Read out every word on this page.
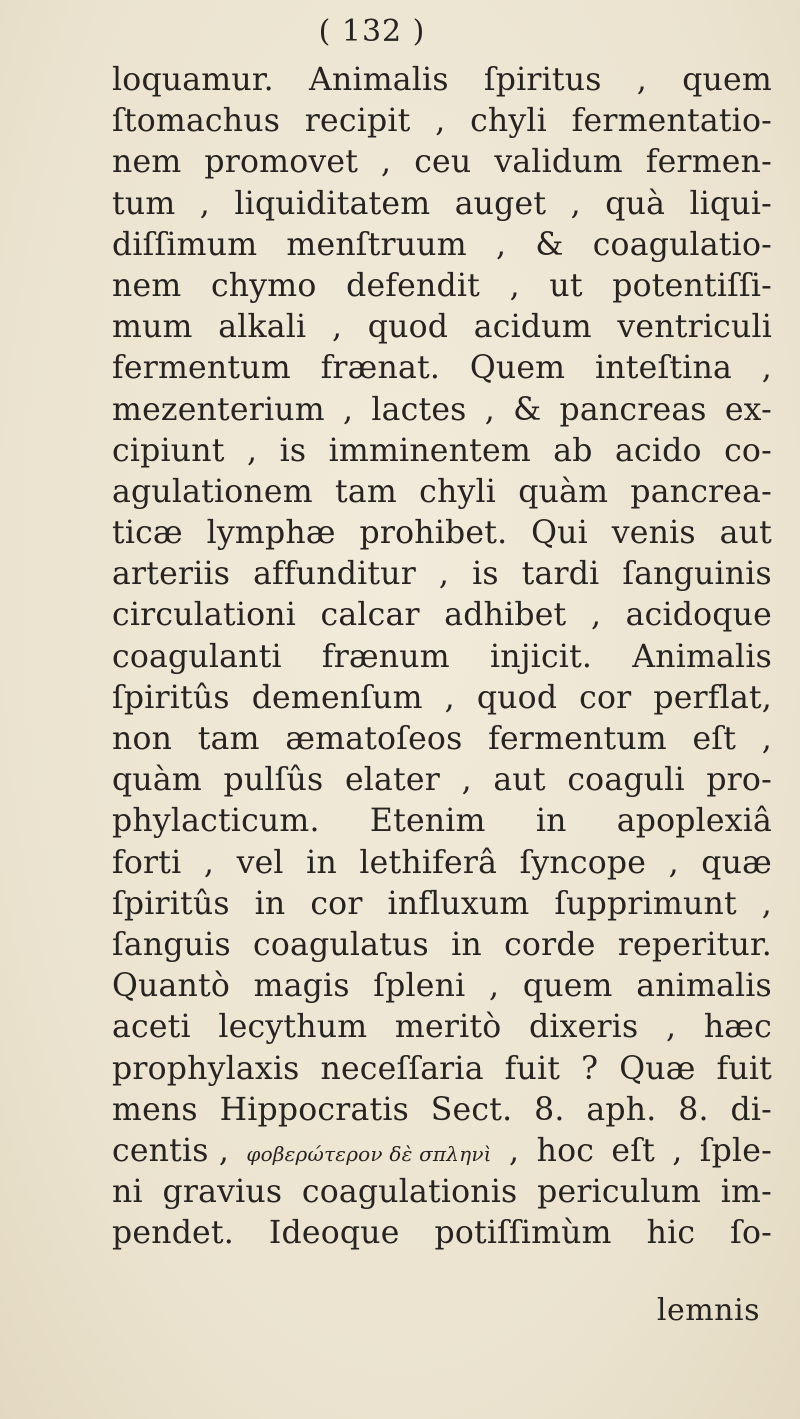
( 132 )
loquamur. Animalis ſpiritus , quem
ſtomachus recipit , chyli fermentatio-
nem promovet , ceu validum fermen-
tum , liquiditatem auget , quà liqui-
diſſimum menſtruum , & coagulatio-
nem chymo defendit , ut potentiſſi-
mum alkali , quod acidum ventriculi
fermentum frænat. Quem inteſtina ,
mezenterium , lactes , & pancreas ex-
cipiunt , is imminentem ab acido co-
agulationem tam chyli quàm pancrea-
ticæ lymphæ prohibet. Qui venis aut
arteriis affunditur , is tardi ſanguinis
circulationi calcar adhibet , acidoque
coagulanti frænum injicit. Animalis
ſpiritûs demenſum , quod cor perflat,
non tam æmatoſeos fermentum eſt ,
quàm pulſûs elater , aut coaguli pro-
phylacticum. Etenim in apoplexiâ
forti , vel in lethiferâ ſyncope , quæ
ſpiritûs in cor influxum ſupprimunt ,
ſanguis coagulatus in corde reperitur.
Quantò magis ſpleni , quem animalis
aceti lecythum meritò dixeris , hæc
prophylaxis neceſſaria fuit ? Quæ fuit
mens Hippocratis Sect. 8. aph. 8. di-
centis , φοβερώτερον δὲ σπληνὶ , hoc eſt , ſple-
ni gravius coagulationis periculum im-
pendet. Ideoque potiſſimùm hic ſo-
lemnis
